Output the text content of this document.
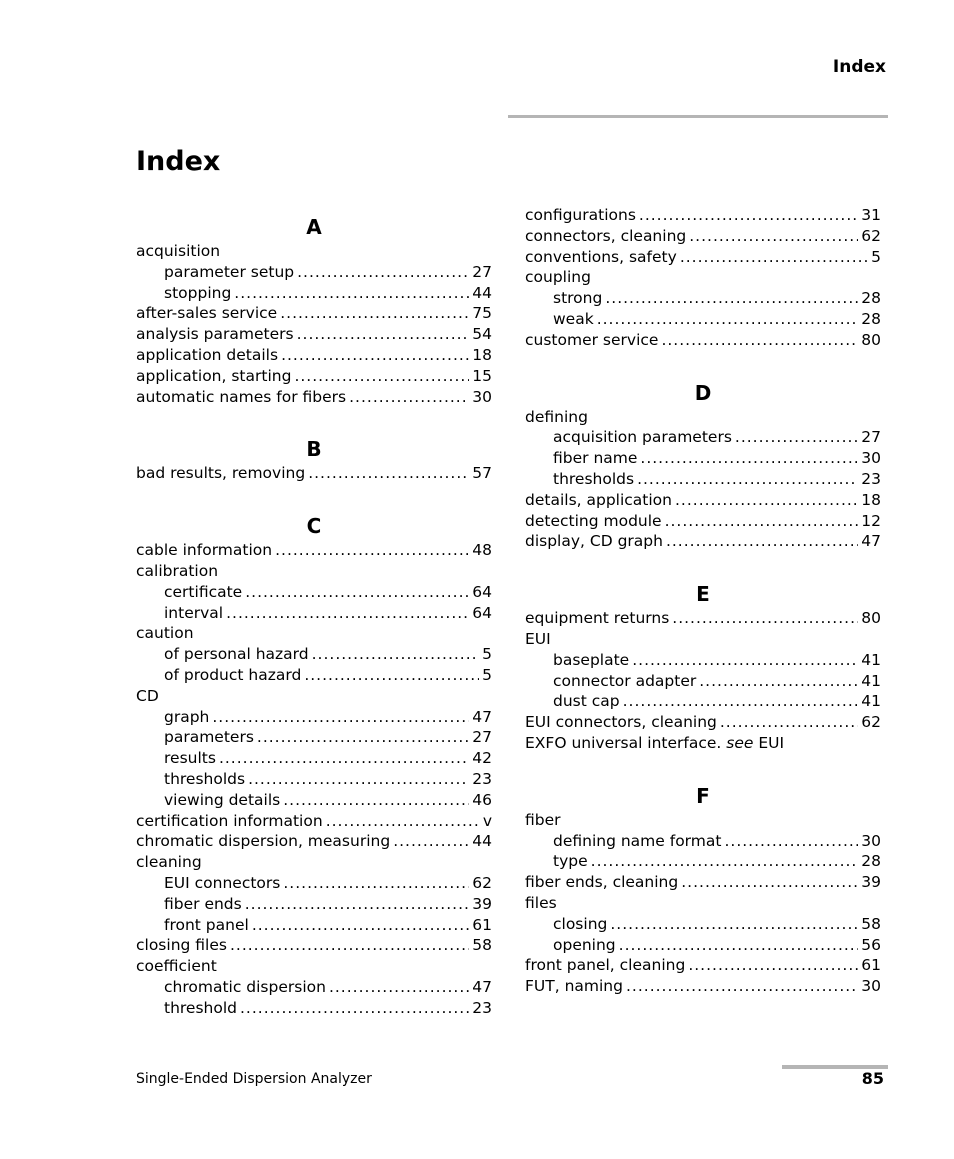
Index
Index
A
acquisition
parameter setup .....	27
stopping .....	44
after-sales service .....	75
analysis parameters .....	54
application details .....	18
application, starting .....	15
automatic names for fibers .....	30
B
bad results, removing .....	57
C
cable information .....	48
calibration
certificate .....	64
interval .....	64
caution
of personal hazard .....	5
of product hazard .....	5
CD
graph .....	47
parameters .....	27
results .....	42
thresholds .....	23
viewing details .....	46
certification information .....	v
chromatic dispersion, measuring .....	44
cleaning
EUI connectors .....	62
fiber ends .....	39
front panel .....	61
closing files .....	58
coefficient
chromatic dispersion .....	47
threshold .....	23
configurations .....	31
connectors, cleaning .....	62
conventions, safety .....	5
coupling
strong .....	28
weak .....	28
customer service .....	80
D
defining
acquisition parameters .....	27
fiber name .....	30
thresholds .....	23
details, application .....	18
detecting module .....	12
display, CD graph .....	47
E
equipment returns .....	80
EUI
baseplate .....	41
connector adapter .....	41
dust cap .....	41
EUI connectors, cleaning .....	62
EXFO universal interface. see EUI
F
fiber
defining name format .....	30
type .....	28
fiber ends, cleaning .....	39
files
closing .....	58
opening .....	56
front panel, cleaning .....	61
FUT, naming .....	30
Single-Ended Dispersion Analyzer	85
